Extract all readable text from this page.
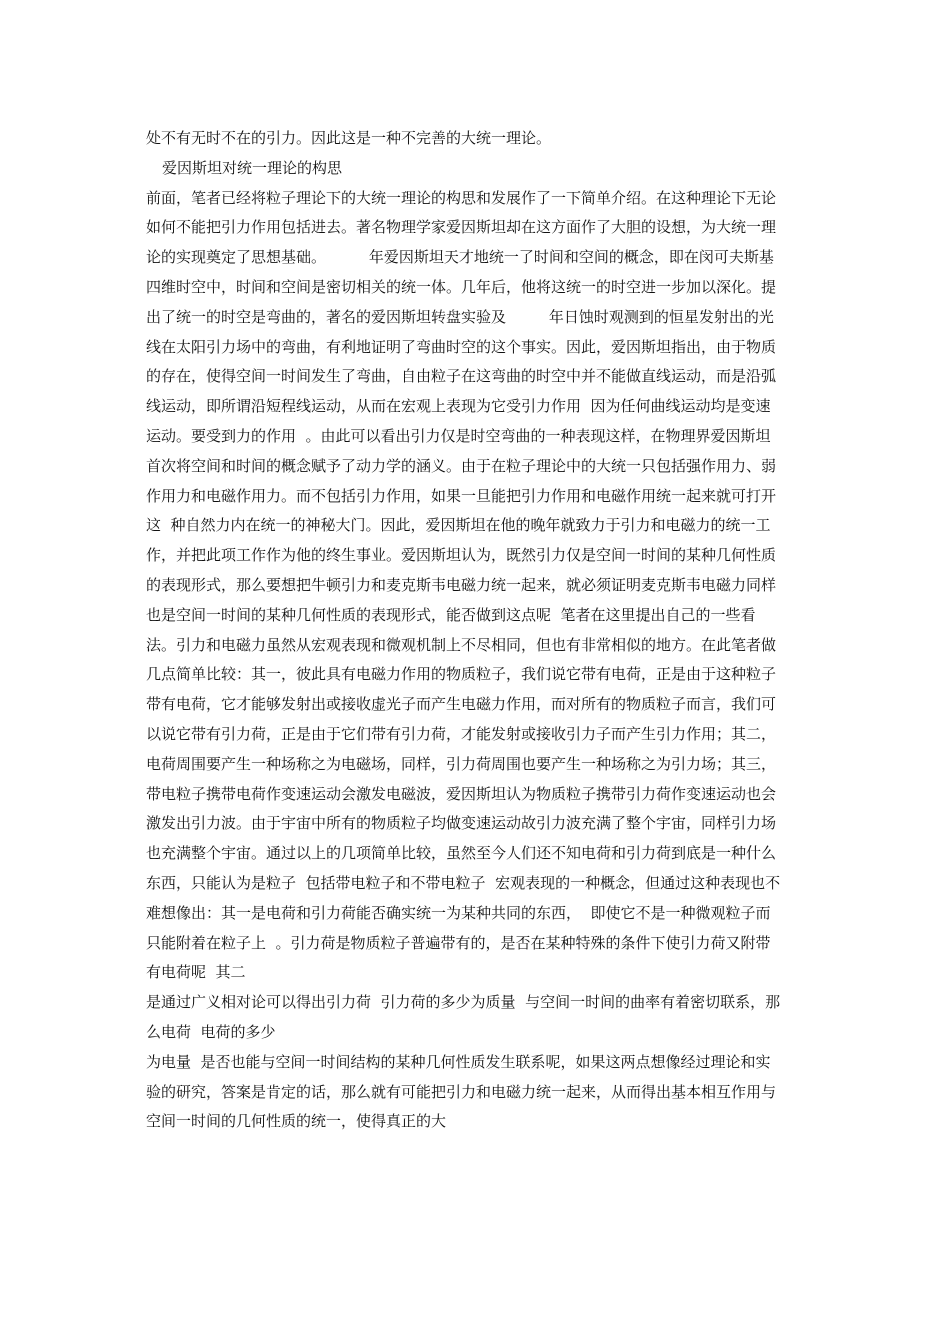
处不有无时不在的引力。因此这是一种不完善的大统一理论。
爱因斯坦对统一理论的构思
前面，笔者已经将粒子理论下的大统一理论的构思和发展作了一下简单介绍。在这种理论下无论
如何不能把引力作用包括进去。著名物理学家爱因斯坦却在这方面作了大胆的设想，为大统一理
论的实现奠定了思想基础。         年爱因斯坦天才地统一了时间和空间的概念，即在闵可夫斯基
四维时空中，时间和空间是密切相关的统一体。几年后，他将这统一的时空进一步加以深化。提
出了统一的时空是弯曲的，著名的爱因斯坦转盘实验及         年日蚀时观测到的恒星发射出的光
线在太阳引力场中的弯曲，有利地证明了弯曲时空的这个事实。因此，爱因斯坦指出，由于物质
的存在，使得空间一时间发生了弯曲，自由粒子在这弯曲的时空中并不能做直线运动，而是沿弧
线运动，即所谓沿短程线运动，从而在宏观上表现为它受引力作用  因为任何曲线运动均是变速
运动。要受到力的作用  。由此可以看出引力仅是时空弯曲的一种表现这样，在物理界爱因斯坦
首次将空间和时间的概念赋予了动力学的涵义。由于在粒子理论中的大统一只包括强作用力、弱
作用力和电磁作用力。而不包括引力作用，如果一旦能把引力作用和电磁作用统一起来就可打开
这  种自然力内在统一的神秘大门。因此，爱因斯坦在他的晚年就致力于引力和电磁力的统一工
作，并把此项工作作为他的终生事业。爱因斯坦认为，既然引力仅是空间一时间的某种几何性质
的表现形式，那么要想把牛顿引力和麦克斯韦电磁力统一起来，就必须证明麦克斯韦电磁力同样
也是空间一时间的某种几何性质的表现形式，能否做到这点呢  笔者在这里提出自己的一些看
法。引力和电磁力虽然从宏观表现和微观机制上不尽相同，但也有非常相似的地方。在此笔者做
几点简单比较：其一，彼此具有电磁力作用的物质粒子，我们说它带有电荷，正是由于这种粒子
带有电荷，它才能够发射出或接收虚光子而产生电磁力作用，而对所有的物质粒子而言，我们可
以说它带有引力荷，正是由于它们带有引力荷，才能发射或接收引力子而产生引力作用；其二，
电荷周围要产生一种场称之为电磁场，同样，引力荷周围也要产生一种场称之为引力场；其三，
带电粒子携带电荷作变速运动会激发电磁波，爱因斯坦认为物质粒子携带引力荷作变速运动也会
激发出引力波。由于宇宙中所有的物质粒子均做变速运动故引力波充满了整个宇宙，同样引力场
也充满整个宇宙。通过以上的几项简单比较，虽然至今人们还不知电荷和引力荷到底是一种什么
东西，只能认为是粒子  包括带电粒子和不带电粒子  宏观表现的一种概念，但通过这种表现也不
难想像出：其一是电荷和引力荷能否确实统一为某种共同的东西，  即使它不是一种微观粒子而
只能附着在粒子上  。引力荷是物质粒子普遍带有的，是否在某种特殊的条件下使引力荷又附带
有电荷呢  其二
是通过广义相对论可以得出引力荷  引力荷的多少为质量  与空间一时间的曲率有着密切联系，那
么电荷  电荷的多少
为电量  是否也能与空间一时间结构的某种几何性质发生联系呢，如果这两点想像经过理论和实
验的研究，答案是肯定的话，那么就有可能把引力和电磁力统一起来，从而得出基本相互作用与
空间一时间的几何性质的统一，使得真正的大
